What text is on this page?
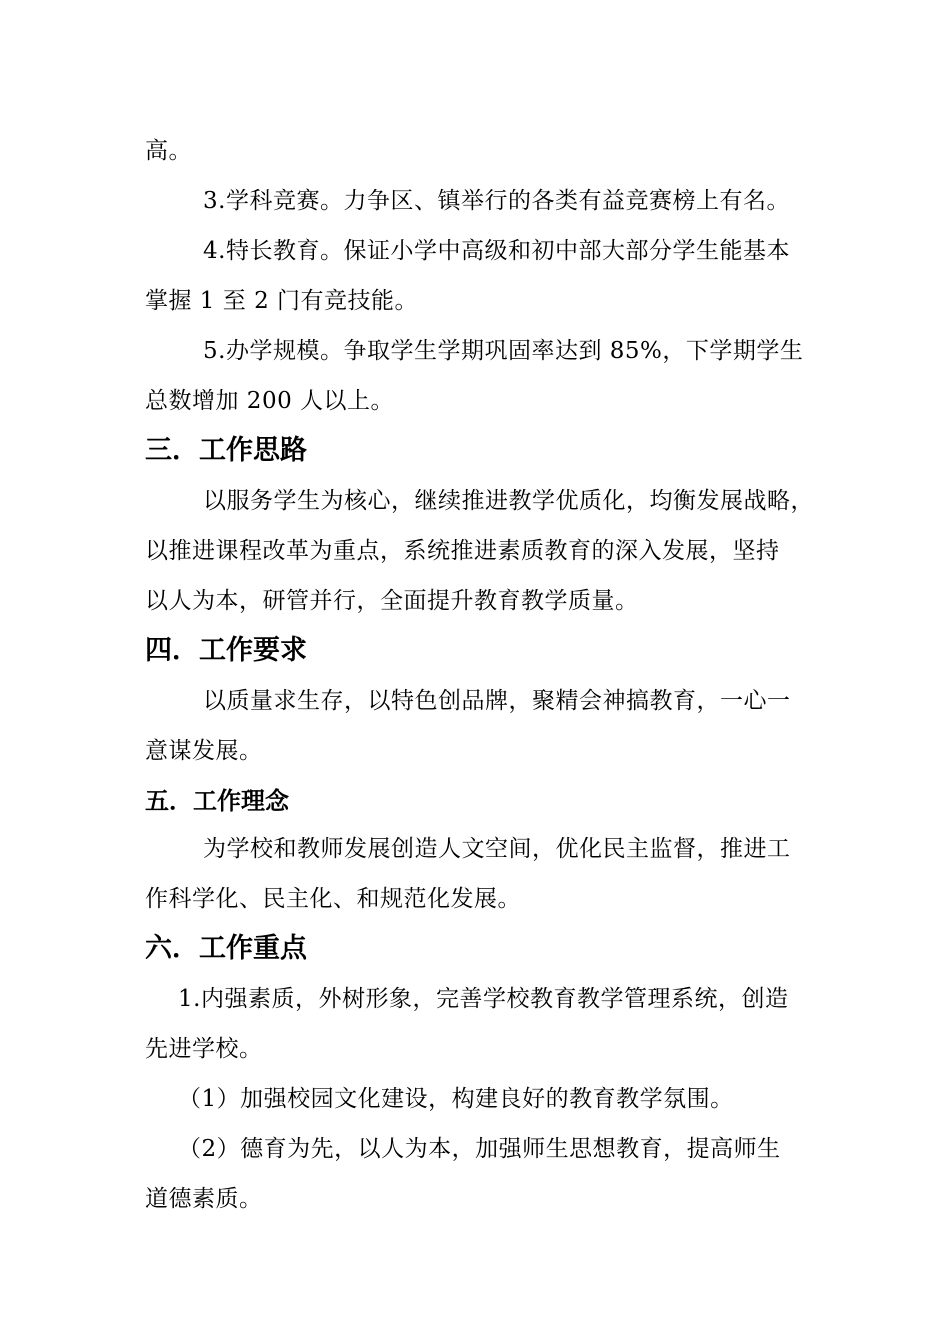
高。
3.学科竞赛。力争区、镇举行的各类有益竞赛榜上有名。
4.特长教育。保证小学中高级和初中部大部分学生能基本
掌握 1 至 2 门有竞技能。
5.办学规模。争取学生学期巩固率达到 85%，下学期学生
总数增加 200 人以上。
三．工作思路
以服务学生为核心，继续推进教学优质化，均衡发展战略，
以推进课程改革为重点，系统推进素质教育的深入发展，坚持
以人为本，研管并行，全面提升教育教学质量。
四．工作要求
以质量求生存，以特色创品牌，聚精会神搞教育，一心一
意谋发展。
五．工作理念
为学校和教师发展创造人文空间，优化民主监督，推进工
作科学化、民主化、和规范化发展。
六．工作重点
1.内强素质，外树形象，完善学校教育教学管理系统，创造
先进学校。
（1）加强校园文化建设，构建良好的教育教学氛围。
（2）德育为先，以人为本，加强师生思想教育，提高师生
道德素质。
